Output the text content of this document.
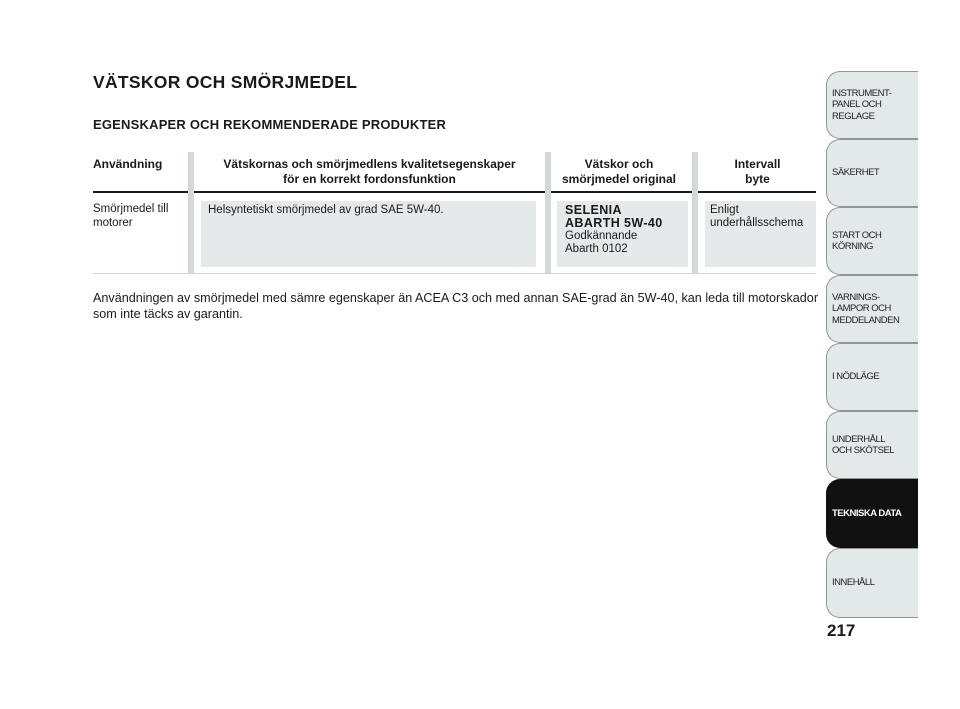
VÄTSKOR OCH SMÖRJMEDEL
EGENSKAPER OCH REKOMMENDERADE PRODUKTER
Användning	Vätskornas och smörjmedlens kvalitetsegenskaper
för en korrekt fordonsfunktion
Vätskor och
smörjmedel original
Intervall
byte
Smörjmedel till
motorer
Helsyntetiskt smörjmedel av grad SAE 5W-40.	SELENIA
ABARTH 5W-40
Godkännande
Abarth 0102
Enligt
underhållsschema
Användningen av smörjmedel med sämre egenskaper än ACEA C3 och med annan SAE-grad än 5W-40, kan leda till motorskador som inte täcks av garantin.
INSTRUMENT-
PANEL OCH
REGLAGE
SÄKERHET
START OCH
KÖRNING
VARNINGS-
LAMPOR OCH
MEDDELANDEN
I NÖDLÄGE
UNDERHÅLL
OCH SKÖTSEL
TEKNISKA DATA
INNEHÅLL
217
